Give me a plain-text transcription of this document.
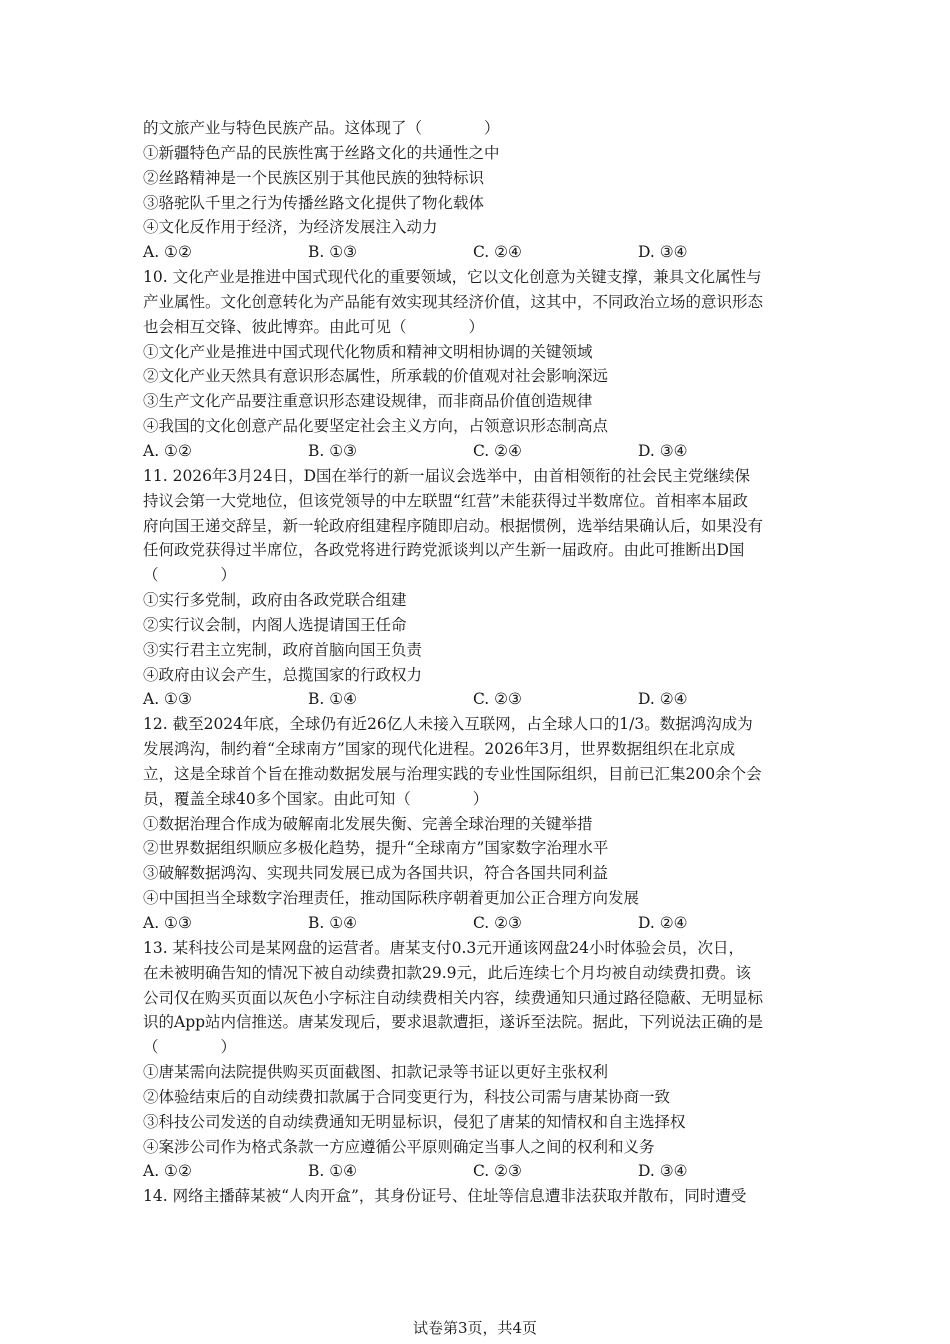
的文旅产业与特色民族产品。这体现了（　　　　）
①新疆特色产品的民族性寓于丝路文化的共通性之中
②丝路精神是一个民族区别于其他民族的独特标识
③骆驼队千里之行为传播丝路文化提供了物化载体
④文化反作用于经济，为经济发展注入动力
A. ①②	B. ①③	C. ②④	D. ③④
10. 文化产业是推进中国式现代化的重要领域，它以文化创意为关键支撑，兼具文化属性与
产业属性。文化创意转化为产品能有效实现其经济价值，这其中，不同政治立场的意识形态
也会相互交锋、彼此博弈。由此可见（　　　　）
①文化产业是推进中国式现代化物质和精神文明相协调的关键领域
②文化产业天然具有意识形态属性，所承载的价值观对社会影响深远
③生产文化产品要注重意识形态建设规律，而非商品价值创造规律
④我国的文化创意产品化要坚定社会主义方向，占领意识形态制高点
A. ①②	B. ①③	C. ②④	D. ③④
11. 2026年3月24日，D国在举行的新一届议会选举中，由首相领衔的社会民主党继续保
持议会第一大党地位，但该党领导的中左联盟“红营”未能获得过半数席位。首相率本届政
府向国王递交辞呈，新一轮政府组建程序随即启动。根据惯例，选举结果确认后，如果没有
任何政党获得过半席位，各政党将进行跨党派谈判以产生新一届政府。由此可推断出D国
（　　　　）
①实行多党制，政府由各政党联合组建
②实行议会制，内阁人选提请国王任命
③实行君主立宪制，政府首脑向国王负责
④政府由议会产生，总揽国家的行政权力
A. ①③	B. ①④	C. ②③	D. ②④
12. 截至2024年底，全球仍有近26亿人未接入互联网，占全球人口的1/3。数据鸿沟成为
发展鸿沟，制约着“全球南方”国家的现代化进程。2026年3月，世界数据组织在北京成
立，这是全球首个旨在推动数据发展与治理实践的专业性国际组织，目前已汇集200余个会
员，覆盖全球40多个国家。由此可知（　　　　）
①数据治理合作成为破解南北发展失衡、完善全球治理的关键举措
②世界数据组织顺应多极化趋势，提升“全球南方”国家数字治理水平
③破解数据鸿沟、实现共同发展已成为各国共识，符合各国共同利益
④中国担当全球数字治理责任，推动国际秩序朝着更加公正合理方向发展
A. ①③	B. ①④	C. ②③	D. ②④
13. 某科技公司是某网盘的运营者。唐某支付0.3元开通该网盘24小时体验会员，次日，
在未被明确告知的情况下被自动续费扣款29.9元，此后连续七个月均被自动续费扣费。该
公司仅在购买页面以灰色小字标注自动续费相关内容，续费通知只通过路径隐蔽、无明显标
识的App站内信推送。唐某发现后，要求退款遭拒，遂诉至法院。据此，下列说法正确的是
（　　　　）
①唐某需向法院提供购买页面截图、扣款记录等书证以更好主张权利
②体验结束后的自动续费扣款属于合同变更行为，科技公司需与唐某协商一致
③科技公司发送的自动续费通知无明显标识，侵犯了唐某的知情权和自主选择权
④案涉公司作为格式条款一方应遵循公平原则确定当事人之间的权利和义务
A. ①②	B. ①④	C. ②③	D. ③④
14. 网络主播薛某被“人肉开盒”，其身份证号、住址等信息遭非法获取并散布，同时遭受
试卷第3页，共4页
